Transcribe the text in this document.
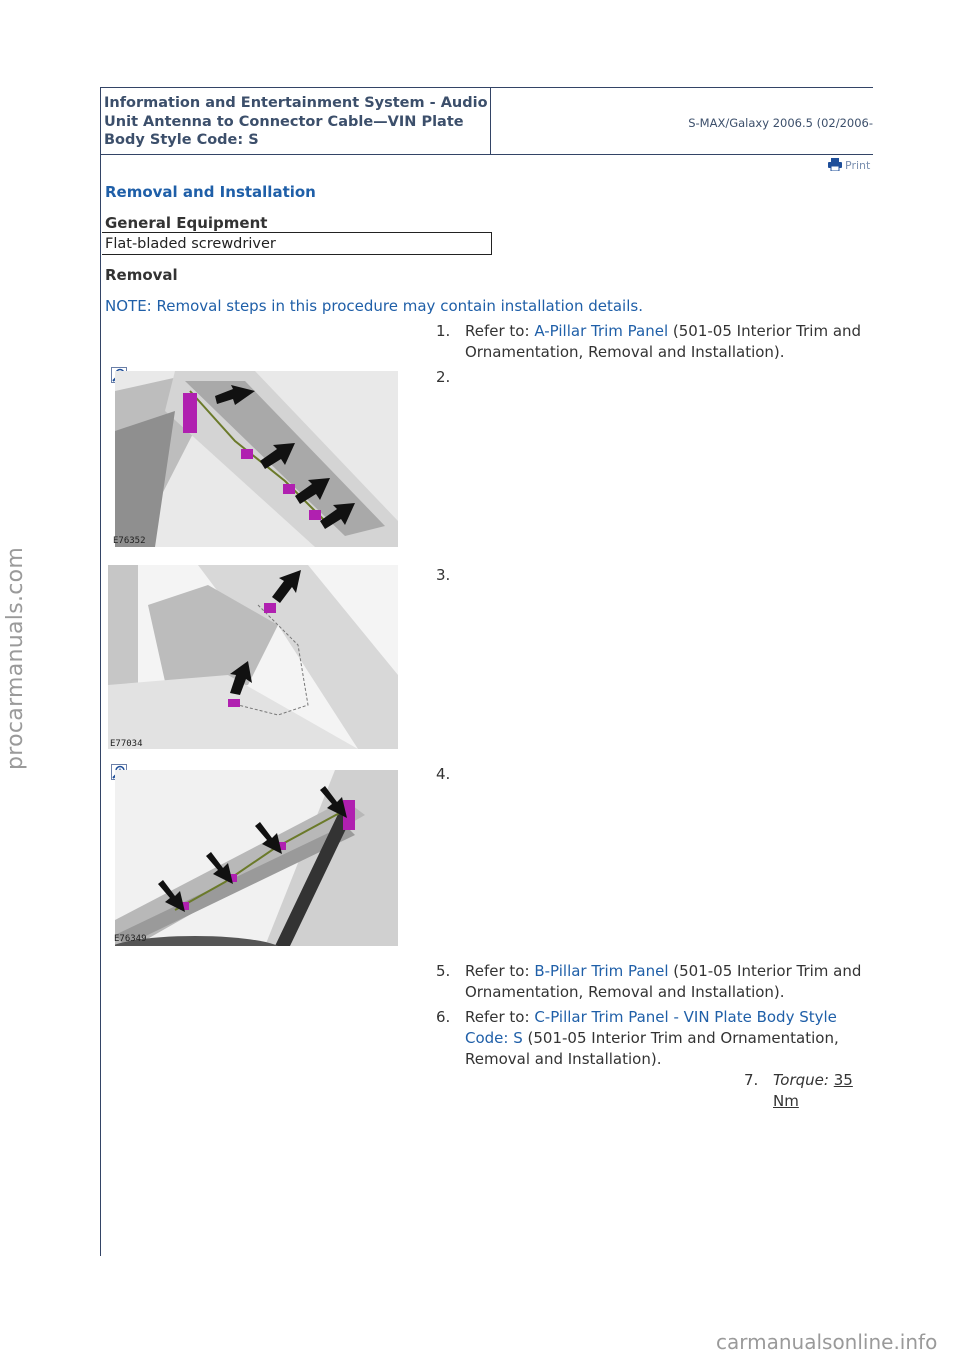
Information and Entertainment System - Audio Unit Antenna to Connector Cable—VIN Plate Body Style Code: S
S-MAX/Galaxy 2006.5 (02/2006-
Print
Removal and Installation
General Equipment
Flat-bladed screwdriver
Removal
NOTE: Removal steps in this procedure may contain installation details.
1. Refer to: A-Pillar Trim Panel (501-05 Interior Trim and Ornamentation, Removal and Installation).
E76352
2.
E77034
3.
E76349
4.
5. Refer to: B-Pillar Trim Panel (501-05 Interior Trim and Ornamentation, Removal and Installation).
6. Refer to: C-Pillar Trim Panel - VIN Plate Body Style Code: S (501-05 Interior Trim and Ornamentation, Removal and Installation).
7. Torque: 35
Nm
procarmanuals.com
carmanualsonline.info
